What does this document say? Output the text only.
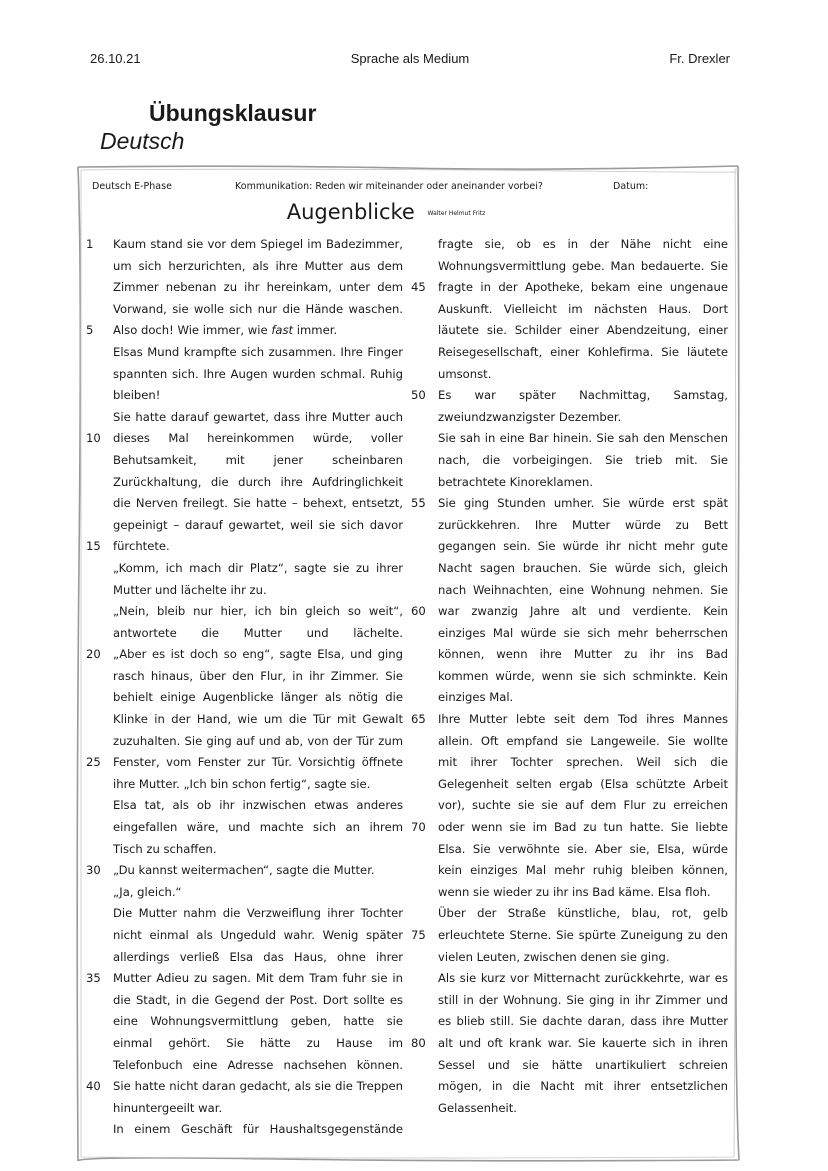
26.10.21	Sprache als Medium	Fr. Drexler
Übungsklausur
Deutsch
Deutsch E-Phase	Kommunikation: Reden wir miteinander oder aneinander vorbei?	Datum:
Augenblicke Walter Helmut Fritz
1	Kaum stand sie vor dem Spiegel im Badezimmer,
um sich herzurichten, als ihre Mutter aus dem
Zimmer nebenan zu ihr hereinkam, unter dem
Vorwand, sie wolle sich nur die Hände waschen.
5	Also doch! Wie immer, wie fast immer.
Elsas Mund krampfte sich zusammen. Ihre Finger
spannten sich. Ihre Augen wurden schmal. Ruhig
bleiben!
Sie hatte darauf gewartet, dass ihre Mutter auch
10	dieses Mal hereinkommen würde, voller
Behutsamkeit, mit jener scheinbaren
Zurückhaltung, die durch ihre Aufdringlichkeit
die Nerven freilegt. Sie hatte – behext, entsetzt,
gepeinigt – darauf gewartet, weil sie sich davor
15	fürchtete.
„Komm, ich mach dir Platz“, sagte sie zu ihrer
Mutter und lächelte ihr zu.
„Nein, bleib nur hier, ich bin gleich so weit“,
antwortete die Mutter und lächelte.
20	„Aber es ist doch so eng“, sagte Elsa, und ging
rasch hinaus, über den Flur, in ihr Zimmer. Sie
behielt einige Augenblicke länger als nötig die
Klinke in der Hand, wie um die Tür mit Gewalt
zuzuhalten. Sie ging auf und ab, von der Tür zum
25	Fenster, vom Fenster zur Tür. Vorsichtig öffnete
ihre Mutter. „Ich bin schon fertig“, sagte sie.
Elsa tat, als ob ihr inzwischen etwas anderes
eingefallen wäre, und machte sich an ihrem
Tisch zu schaffen.
30	„Du kannst weitermachen“, sagte die Mutter.
„Ja, gleich.“
Die Mutter nahm die Verzweiflung ihrer Tochter
nicht einmal als Ungeduld wahr. Wenig später
allerdings verließ Elsa das Haus, ohne ihrer
35	Mutter Adieu zu sagen. Mit dem Tram fuhr sie in
die Stadt, in die Gegend der Post. Dort sollte es
eine Wohnungsvermittlung geben, hatte sie
einmal gehört. Sie hätte zu Hause im
Telefonbuch eine Adresse nachsehen können.
40	Sie hatte nicht daran gedacht, als sie die Treppen
hinuntergeeilt war.
In einem Geschäft für Haushaltsgegenstände
fragte sie, ob es in der Nähe nicht eine
Wohnungsvermittlung gebe. Man bedauerte. Sie
45	fragte in der Apotheke, bekam eine ungenaue
Auskunft. Vielleicht im nächsten Haus. Dort
läutete sie. Schilder einer Abendzeitung, einer
Reisegesellschaft, einer Kohlefirma. Sie läutete
umsonst.
50	Es war später Nachmittag, Samstag,
zweiundzwanzigster Dezember.
Sie sah in eine Bar hinein. Sie sah den Menschen
nach, die vorbeigingen. Sie trieb mit. Sie
betrachtete Kinoreklamen.
55	Sie ging Stunden umher. Sie würde erst spät
zurückkehren. Ihre Mutter würde zu Bett
gegangen sein. Sie würde ihr nicht mehr gute
Nacht sagen brauchen. Sie würde sich, gleich
nach Weihnachten, eine Wohnung nehmen. Sie
60	war zwanzig Jahre alt und verdiente. Kein
einziges Mal würde sie sich mehr beherrschen
können, wenn ihre Mutter zu ihr ins Bad
kommen würde, wenn sie sich schminkte. Kein
einziges Mal.
65	Ihre Mutter lebte seit dem Tod ihres Mannes
allein. Oft empfand sie Langeweile. Sie wollte
mit ihrer Tochter sprechen. Weil sich die
Gelegenheit selten ergab (Elsa schützte Arbeit
vor), suchte sie sie auf dem Flur zu erreichen
70	oder wenn sie im Bad zu tun hatte. Sie liebte
Elsa. Sie verwöhnte sie. Aber sie, Elsa, würde
kein einziges Mal mehr ruhig bleiben können,
wenn sie wieder zu ihr ins Bad käme. Elsa floh.
Über der Straße künstliche, blau, rot, gelb
75	erleuchtete Sterne. Sie spürte Zuneigung zu den
vielen Leuten, zwischen denen sie ging.
Als sie kurz vor Mitternacht zurückkehrte, war es
still in der Wohnung. Sie ging in ihr Zimmer und
es blieb still. Sie dachte daran, dass ihre Mutter
80	alt und oft krank war. Sie kauerte sich in ihren
Sessel und sie hätte unartikuliert schreien
mögen, in die Nacht mit ihrer entsetzlichen
Gelassenheit.
